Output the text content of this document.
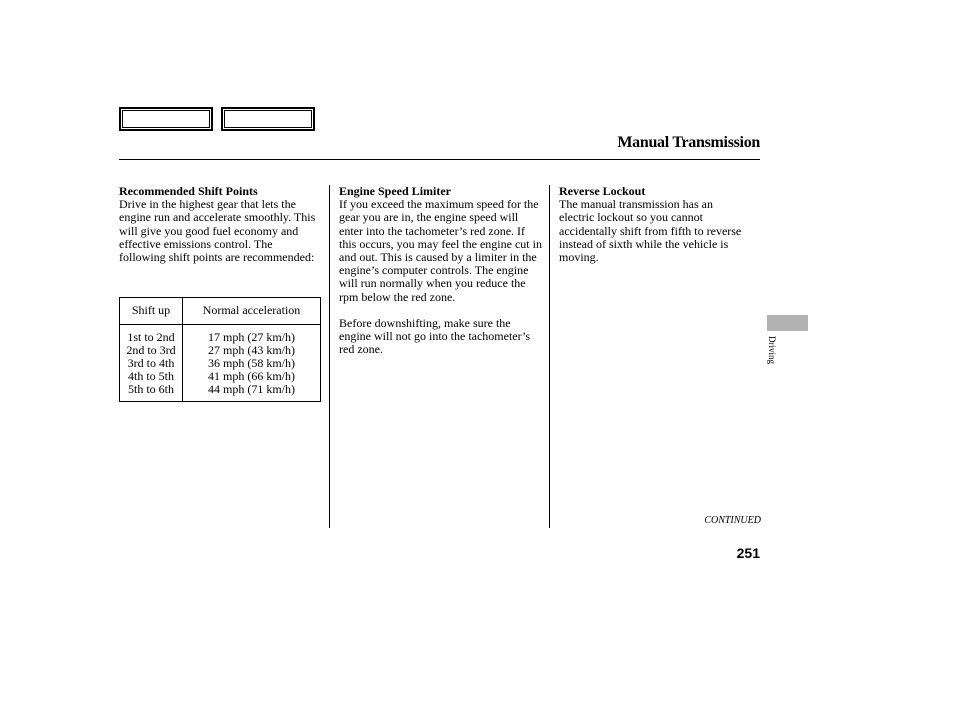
Manual Transmission
Recommended Shift Points

Drive in the highest gear that lets the engine run and accelerate smoothly. This will give you good fuel economy and effective emissions control. The following shift points are recommended:

Shift up	Normal acceleration
1st to 2nd	17 mph (27 km/h)
2nd to 3rd	27 mph (43 km/h)
3rd to 4th	36 mph (58 km/h)
4th to 5th	41 mph (66 km/h)
5th to 6th	44 mph (71 km/h)
Engine Speed Limiter

If you exceed the maximum speed for the gear you are in, the engine speed will enter into the tachometer’s red zone. If this occurs, you may feel the engine cut in and out. This is caused by a limiter in the engine’s computer controls. The engine will run normally when you reduce the rpm below the red zone.

Before downshifting, make sure the engine will not go into the tachometer’s red zone.

Reverse Lockout

The manual transmission has an electric lockout so you cannot accidentally shift from fifth to reverse instead of sixth while the vehicle is moving.

Driving
CONTINUED
251
